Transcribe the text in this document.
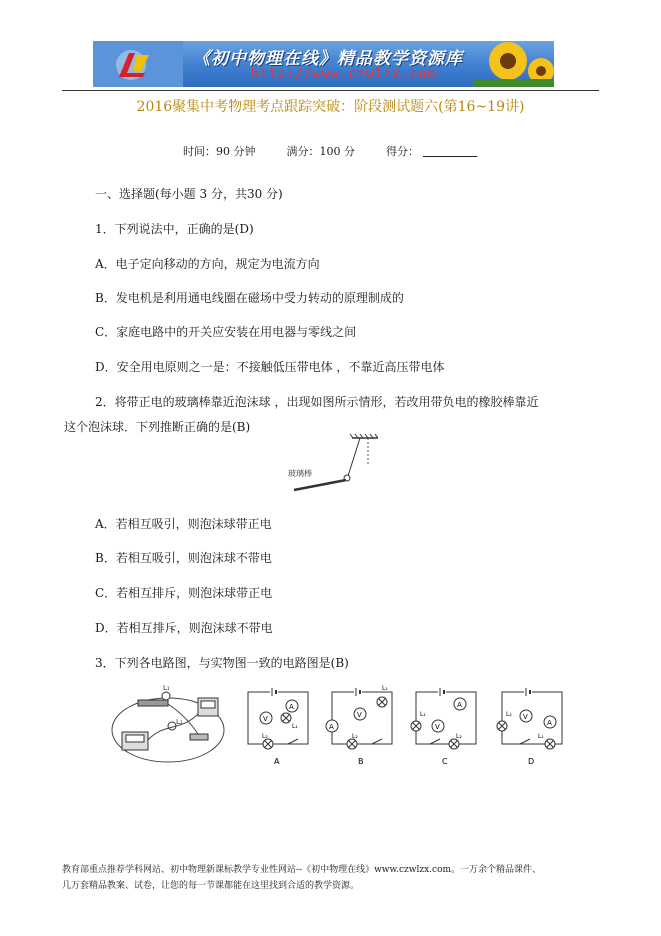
《初中物理在线》精品教学资源库
http://www.czwlzx.com
2016聚集中考物理考点跟踪突破：阶段测试题六(第16~19讲)
时间：90 分钟	满分：100 分	得分：
一、选择题(每小题 3 分，共30 分)
1．下列说法中，正确的是(D)
A．电子定向移动的方向，规定为电流方向
B．发电机是利用通电线圈在磁场中受力转动的原理制成的
C．家庭电路中的开关应安装在用电器与零线之间
D．安全用电原则之一是：不接触低压带电体 ，不靠近高压带电体
2．将带正电的玻璃棒靠近泡沫球 ，出现如图所示情形，若改用带负电的橡胶棒靠近
这个泡沫球．下列推断正确的是(B)
玻璃棒
A．若相互吸引，则泡沫球带正电
B．若相互吸引，则泡沫球不带电
C．若相互排斥，则泡沫球带正电
D．若相互排斥，则泡沫球不带电
3．下列各电路图，与实物图一致的电路图是(B)
L₁
L₂
A
V
L₁
L₂
A
V
A
L₁
L₂
B
A
V
L₁
L₂
C
V
A
L₂
L₁
D
教育部重点推荐学科网站、初中物理新课标教学专业性网站--《初中物理在线》www.czwlzx.com。一万余个精品课件、
几万套精品教案、试卷，让您的每一节课都能在这里找到合适的教学资源。
